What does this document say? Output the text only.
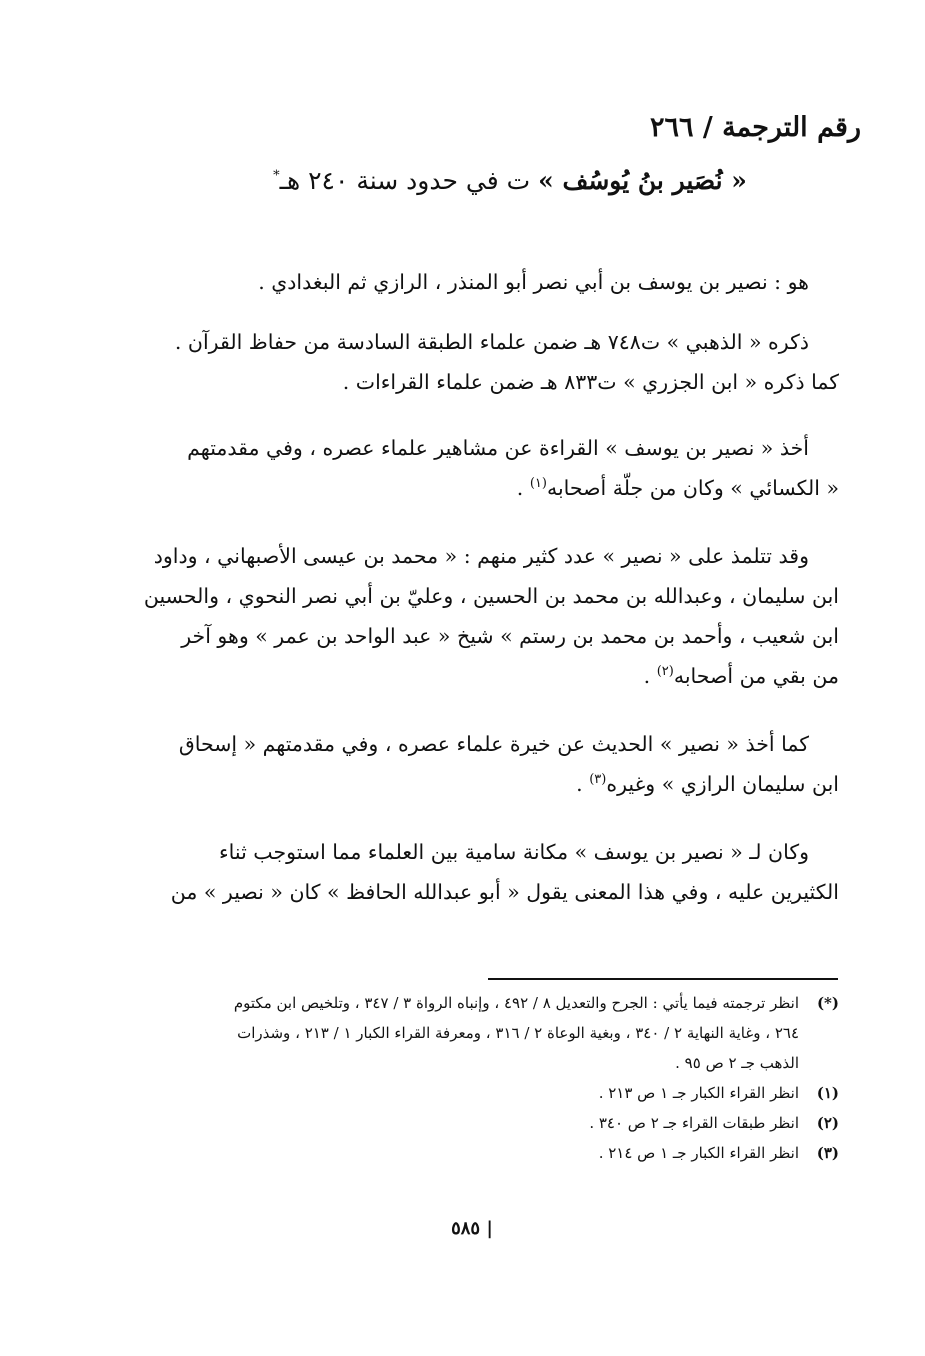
رقم الترجمة / ٢٦٦
« نُصَير بنُ يُوسُف » ت في حدود سنة ٢٤٠ هـ*
هو : نصير بن يوسف بن أبي نصر أبو المنذر ، الرازي ثم البغدادي .
ذكره « الذهبي » ت٧٤٨ هـ ضمن علماء الطبقة السادسة من حفاظ القرآن .
كما ذكره « ابن الجزري » ت٨٣٣ هـ ضمن علماء القراءات .
أخذ « نصير بن يوسف » القراءة عن مشاهير علماء عصره ، وفي مقدمتهم
« الكسائي » وكان من جلّة أصحابه$^{(١)}$ .
وقد تتلمذ على « نصير » عدد كثير منهم : « محمد بن عيسى الأصبهاني ، وداود
ابن سليمان ، وعبدالله بن محمد بن الحسين ، وعليّ بن أبي نصر النحوي ، والحسين
ابن شعيب ، وأحمد بن محمد بن رستم » شيخ « عبد الواحد بن عمر » وهو آخر
من بقي من أصحابه$^{(٢)}$ .
كما أخذ « نصير » الحديث عن خيرة علماء عصره ، وفي مقدمتهم « إسحاق
ابن سليمان الرازي » وغيره$^{(٣)}$ .
وكان لـ « نصير بن يوسف » مكانة سامية بين العلماء مما استوجب ثناء
الكثيرين عليه ، وفي هذا المعنى يقول « أبو عبدالله الحافظ » كان « نصير » من
(*)
انظر ترجمته فيما يأتي : الجرح والتعديل ٨ / ٤٩٢ ، وإنباه الرواة ٣ / ٣٤٧ ، وتلخيص ابن مكتوم
٢٦٤ ، وغاية النهاية ٢ / ٣٤٠ ، وبغية الوعاة ٢ / ٣١٦ ، ومعرفة القراء الكبار ١ / ٢١٣ ، وشذرات
الذهب جـ ٢ ص ٩٥ .
(١)
انظر القراء الكبار جـ ١ ص ٢١٣ .
(٢)
انظر طبقات القراء جـ ٢ ص ٣٤٠ .
(٣)
انظر القراء الكبار جـ ١ ص ٢١٤ .
٥٨٥ |
